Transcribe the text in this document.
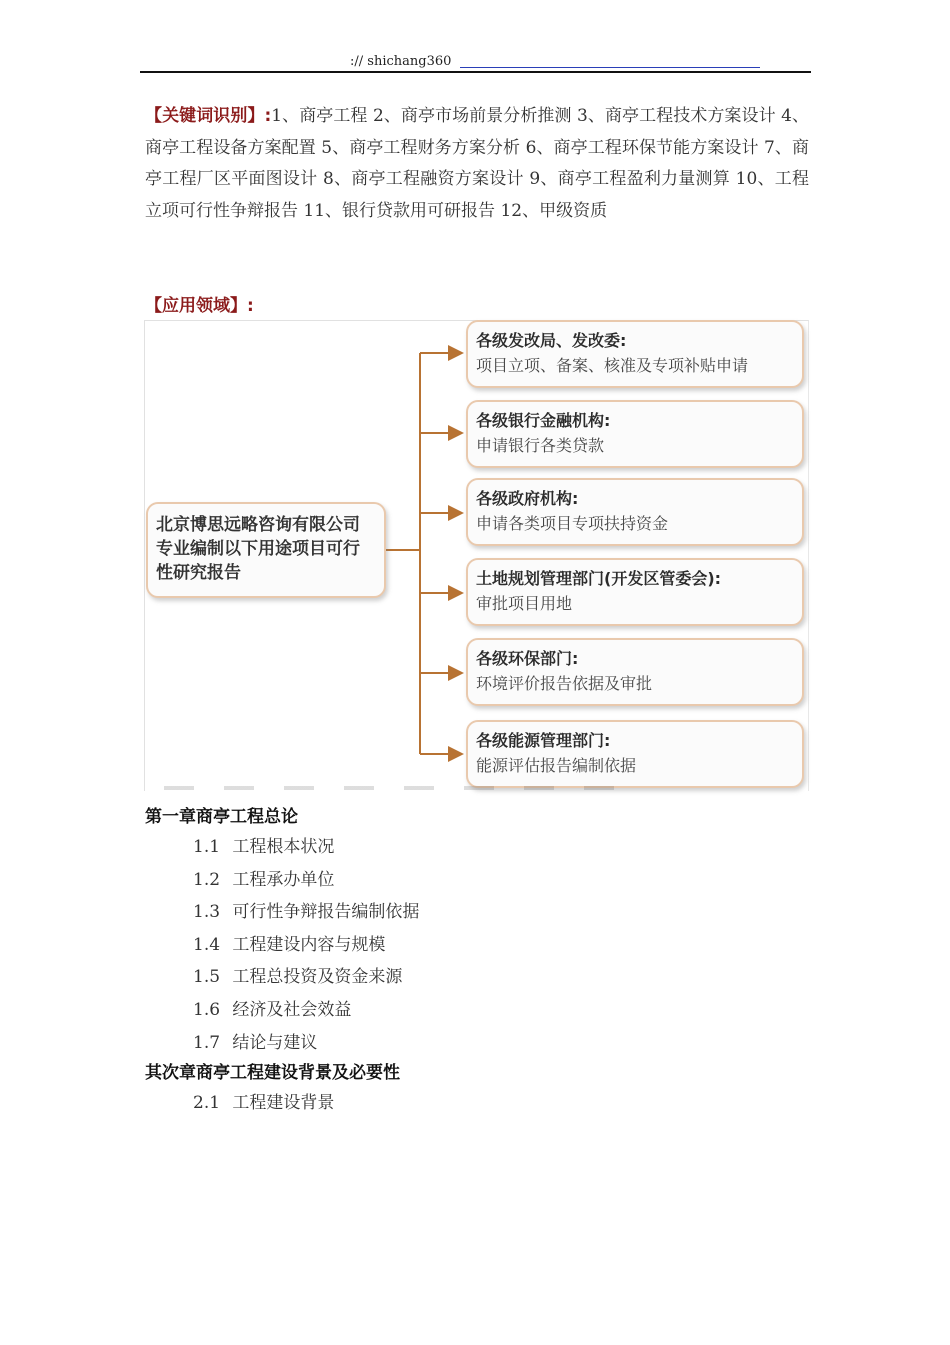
:// shichang360
【关键词识别】:1、商亭工程 2、商亭市场前景分析推测 3、商亭工程技术方案设计 4、商亭工程设备方案配置 5、商亭工程财务方案分析 6、商亭工程环保节能方案设计 7、商亭工程厂区平面图设计 8、商亭工程融资方案设计 9、商亭工程盈利力量测算 10、工程立项可行性争辩报告 11、银行贷款用可研报告 12、甲级资质
【应用领域】:
北京博思远略咨询有限公司专业编制以下用途项目可行性研究报告
各级发改局、发改委:
项目立项、备案、核准及专项补贴申请
各级银行金融机构:
申请银行各类贷款
各级政府机构:
申请各类项目专项扶持资金
土地规划管理部门(开发区管委会):
审批项目用地
各级环保部门:
环境评价报告依据及审批
各级能源管理部门:
能源评估报告编制依据
第一章商亭工程总论
1.1 工程根本状况
1.2 工程承办单位
1.3 可行性争辩报告编制依据
1.4 工程建设内容与规模
1.5 工程总投资及资金来源
1.6 经济及社会效益
1.7 结论与建议
其次章商亭工程建设背景及必要性
2.1 工程建设背景
